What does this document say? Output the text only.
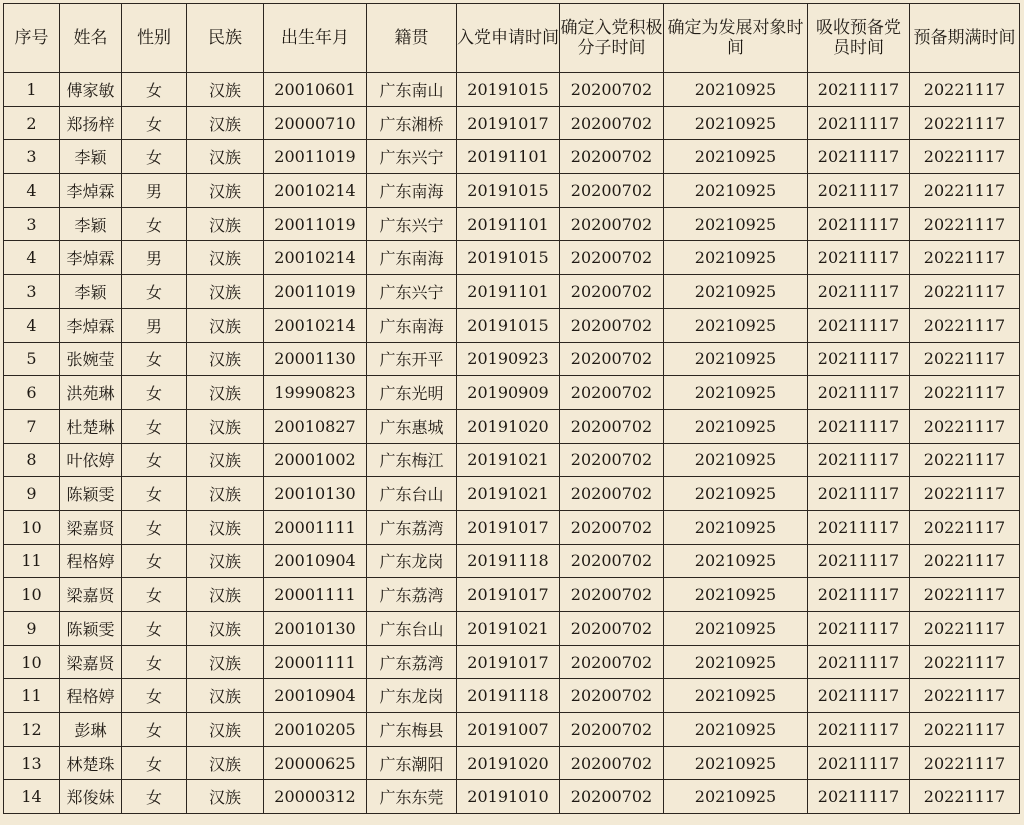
序号	姓名	性别	民族	出生年月	籍贯	入党申请时间	确定入党积极分子时间	确定为发展对象时间	吸收预备党员时间	预备期满时间
1	傅家敏	女	汉族	20010601	广东南山	20191015	20200702	20210925	20211117	20221117
2	郑扬梓	女	汉族	20000710	广东湘桥	20191017	20200702	20210925	20211117	20221117
3	李颖	女	汉族	20011019	广东兴宁	20191101	20200702	20210925	20211117	20221117
4	李焯霖	男	汉族	20010214	广东南海	20191015	20200702	20210925	20211117	20221117
3	李颖	女	汉族	20011019	广东兴宁	20191101	20200702	20210925	20211117	20221117
4	李焯霖	男	汉族	20010214	广东南海	20191015	20200702	20210925	20211117	20221117
3	李颖	女	汉族	20011019	广东兴宁	20191101	20200702	20210925	20211117	20221117
4	李焯霖	男	汉族	20010214	广东南海	20191015	20200702	20210925	20211117	20221117
5	张婉莹	女	汉族	20001130	广东开平	20190923	20200702	20210925	20211117	20221117
6	洪苑琳	女	汉族	19990823	广东光明	20190909	20200702	20210925	20211117	20221117
7	杜楚琳	女	汉族	20010827	广东惠城	20191020	20200702	20210925	20211117	20221117
8	叶依婷	女	汉族	20001002	广东梅江	20191021	20200702	20210925	20211117	20221117
9	陈颖雯	女	汉族	20010130	广东台山	20191021	20200702	20210925	20211117	20221117
10	梁嘉贤	女	汉族	20001111	广东荔湾	20191017	20200702	20210925	20211117	20221117
11	程格婷	女	汉族	20010904	广东龙岗	20191118	20200702	20210925	20211117	20221117
10	梁嘉贤	女	汉族	20001111	广东荔湾	20191017	20200702	20210925	20211117	20221117
9	陈颖雯	女	汉族	20010130	广东台山	20191021	20200702	20210925	20211117	20221117
10	梁嘉贤	女	汉族	20001111	广东荔湾	20191017	20200702	20210925	20211117	20221117
11	程格婷	女	汉族	20010904	广东龙岗	20191118	20200702	20210925	20211117	20221117
12	彭琳	女	汉族	20010205	广东梅县	20191007	20200702	20210925	20211117	20221117
13	林楚珠	女	汉族	20000625	广东潮阳	20191020	20200702	20210925	20211117	20221117
14	郑俊妹	女	汉族	20000312	广东东莞	20191010	20200702	20210925	20211117	20221117
